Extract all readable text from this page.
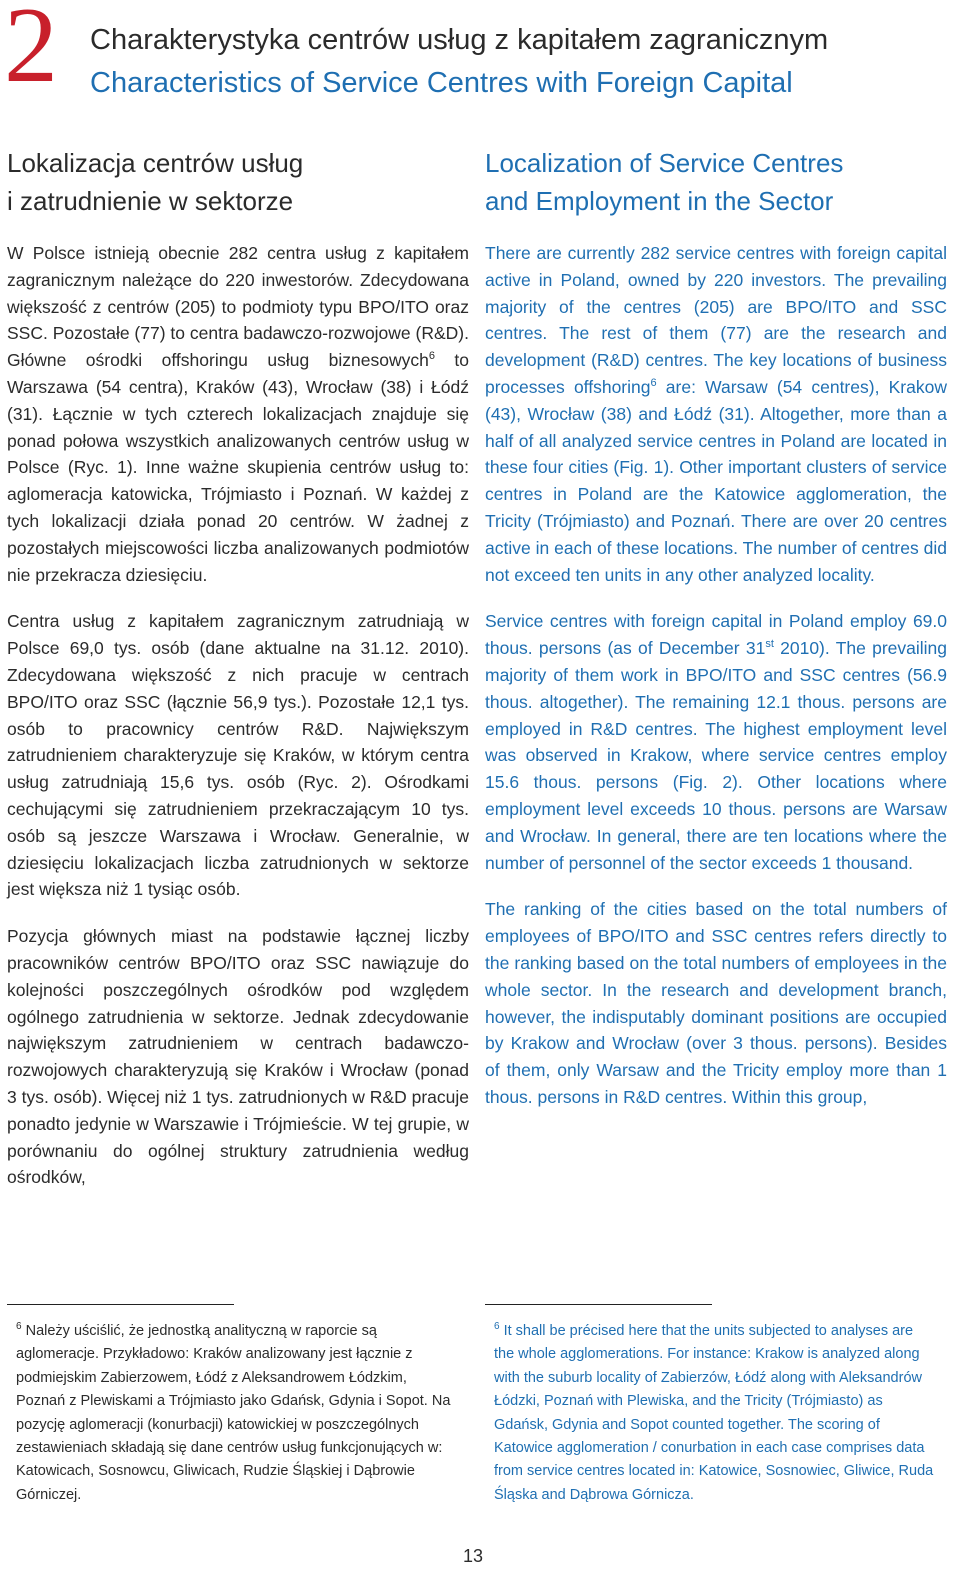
2 Charakterystyka centrów usług z kapitałem zagranicznym
Characteristics of Service Centres with Foreign Capital
Lokalizacja centrów usług
i zatrudnienie w sektorze

W Polsce istnieją obecnie 282 centra usług z kapitałem zagranicznym należące do 220 inwestorów. Zdecydowana większość z centrów (205) to podmioty typu BPO/ITO oraz SSC. Pozostałe (77) to centra badawczo-rozwojowe (R&D). Główne ośrodki offshoringu usług biznesowych$^6$ to Warszawa (54 centra), Kraków (43), Wrocław (38) i Łódź (31). Łącznie w tych czterech lokalizacjach znajduje się ponad połowa wszystkich analizowanych centrów usług w Polsce (Ryc. 1). Inne ważne skupienia centrów usług to: aglomeracja katowicka, Trójmiasto i Poznań. W każdej z tych lokalizacji działa ponad 20 centrów. W żadnej z pozostałych miejscowości liczba analizowanych podmiotów nie przekracza dziesięciu.

Centra usług z kapitałem zagranicznym zatrudniają w Polsce 69,0 tys. osób (dane aktualne na 31.12. 2010). Zdecydowana większość z nich pracuje w centrach BPO/ITO oraz SSC (łącznie 56,9 tys.). Pozostałe 12,1 tys. osób to pracownicy centrów R&D. Największym zatrudnieniem charakteryzuje się Kraków, w którym centra usług zatrudniają 15,6 tys. osób (Ryc. 2). Ośrodkami cechującymi się zatrudnieniem przekraczającym 10 tys. osób są jeszcze Warszawa i Wrocław. Generalnie, w dziesięciu lokalizacjach liczba zatrudnionych w sektorze jest większa niż 1 tysiąc osób.

Pozycja głównych miast na podstawie łącznej liczby pracowników centrów BPO/ITO oraz SSC nawiązuje do kolejności poszczególnych ośrodków pod względem ogólnego zatrudnienia w sektorze. Jednak zdecydowanie największym zatrudnieniem w centrach badawczo-rozwojowych charakteryzują się Kraków i Wrocław (ponad 3 tys. osób). Więcej niż 1 tys. zatrudnionych w R&D pracuje ponadto jedynie w Warszawie i Trójmieście. W tej grupie, w porównaniu do ogólnej struktury zatrudnienia według ośrodków,

Localization of Service Centres
and Employment in the Sector

There are currently 282 service centres with foreign capital active in Poland, owned by 220 investors. The prevailing majority of the centres (205) are BPO/ITO and SSC centres. The rest of them (77) are the research and development (R&D) centres. The key locations of business processes offshoring$^6$ are: Warsaw (54 centres), Krakow (43), Wrocław (38) and Łódź (31). Altogether, more than a half of all analyzed service centres in Poland are located in these four cities (Fig. 1). Other important clusters of service centres in Poland are the Katowice agglomeration, the Tricity (Trójmiasto) and Poznań. There are over 20 centres active in each of these locations. The number of centres did not exceed ten units in any other analyzed locality.

Service centres with foreign capital in Poland employ 69.0 thous. persons (as of December 31st 2010). The prevailing majority of them work in BPO/ITO and SSC centres (56.9 thous. altogether). The remaining 12.1 thous. persons are employed in R&D centres. The highest employment level was observed in Krakow, where service centres employ 15.6 thous. persons (Fig. 2). Other locations where employment level exceeds 10 thous. persons are Warsaw and Wrocław. In general, there are ten locations where the number of personnel of the sector exceeds 1 thousand.

The ranking of the cities based on the total numbers of employees of BPO/ITO and SSC centres refers directly to the ranking based on the total numbers of employees in the whole sector. In the research and development branch, however, the indisputably dominant positions are occupied by Krakow and Wrocław (over 3 thous. persons). Besides of them, only Warsaw and the Tricity employ more than 1 thous. persons in R&D centres. Within this group,

$^6$ Należy uściślić, że jednostką analityczną w raporcie są aglomeracje. Przykładowo: Kraków analizowany jest łącznie z podmiejskim Zabierzowem, Łódź z Aleksandrowem Łódzkim, Poznań z Plewiskami a Trójmiasto jako Gdańsk, Gdynia i Sopot. Na pozycję aglomeracji (konurbacji) katowickiej w poszczególnych zestawieniach składają się dane centrów usług funkcjonujących w: Katowicach, Sosnowcu, Gliwicach, Rudzie Śląskiej i Dąbrowie Górniczej.
$^6$ It shall be précised here that the units subjected to analyses are the whole agglomerations. For instance: Krakow is analyzed along with the suburb locality of Zabierzów, Łódź along with Aleksandrów Łódzki, Poznań with Plewiska, and the Tricity (Trójmiasto) as Gdańsk, Gdynia and Sopot counted together. The scoring of Katowice agglomeration / conurbation in each case comprises data from service centres located in: Katowice, Sosnowiec, Gliwice, Ruda Śląska and Dąbrowa Górnicza.
13
